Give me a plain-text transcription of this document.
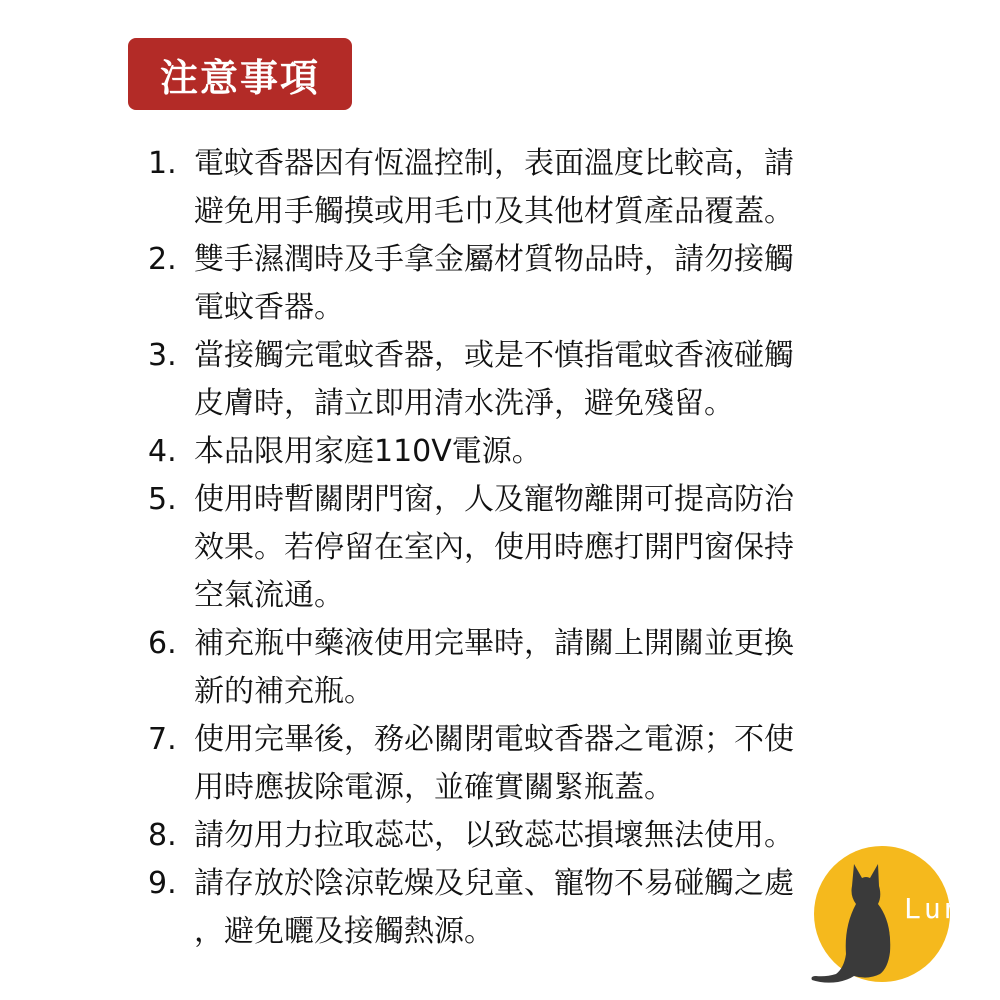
注意事項
1. 電蚊香器因有恆溫控制，表面溫度比較高，請
避免用手觸摸或用毛巾及其他材質產品覆蓋。
2. 雙手濕潤時及手拿金屬材質物品時，請勿接觸
電蚊香器。
3. 當接觸完電蚊香器，或是不慎指電蚊香液碰觸
皮膚時，請立即用清水洗淨，避免殘留。
4. 本品限用家庭110V電源。
5. 使用時暫關閉門窗，人及寵物離開可提高防治
效果。若停留在室內，使用時應打開門窗保持
空氣流通。
6. 補充瓶中藥液使用完畢時，請關上開關並更換
新的補充瓶。
7. 使用完畢後，務必關閉電蚊香器之電源；不使
用時應拔除電源，並確實關緊瓶蓋。
8. 請勿用力拉取蕊芯，以致蕊芯損壞無法使用。
9. 請存放於陰涼乾燥及兒童、寵物不易碰觸之處
，避免曬及接觸熱源。
Luna
